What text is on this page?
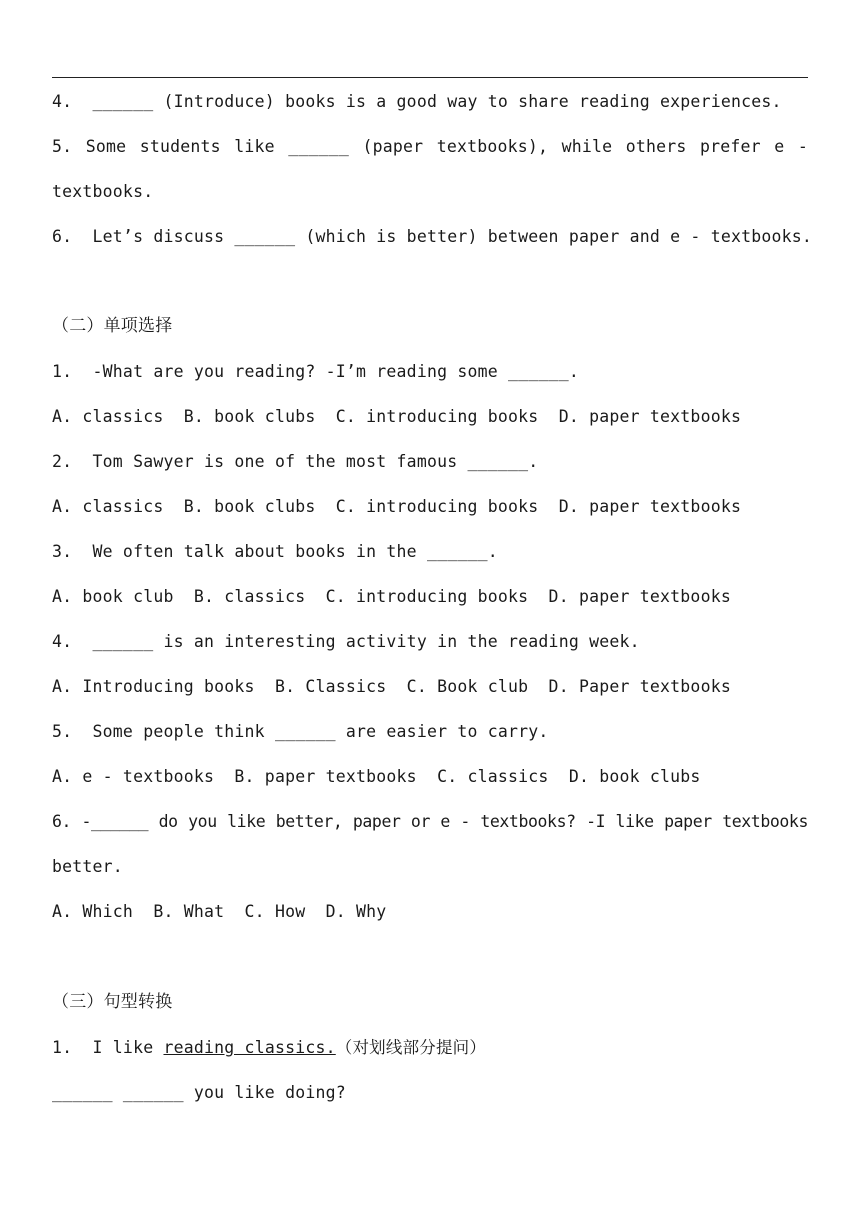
4.  ______ (Introduce) books is a good way to share reading experiences.
5. Some students like ______ (paper textbooks), while others prefer e -
textbooks.
6.  Let’s discuss ______ (which is better) between paper and e - textbooks.
（二）单项选择
1.  -What are you reading? -I’m reading some ______.
A. classics  B. book clubs  C. introducing books  D. paper textbooks
2.  Tom Sawyer is one of the most famous ______.
A. classics  B. book clubs  C. introducing books  D. paper textbooks
3.  We often talk about books in the ______.
A. book club  B. classics  C. introducing books  D. paper textbooks
4.  ______ is an interesting activity in the reading week.
A. Introducing books  B. Classics  C. Book club  D. Paper textbooks
5.  Some people think ______ are easier to carry.
A. e - textbooks  B. paper textbooks  C. classics  D. book clubs
6. -______ do you like better, paper or e - textbooks? -I like paper textbooks
better.
A. Which  B. What  C. How  D. Why
（三）句型转换
1.  I like reading classics.（对划线部分提问）
______ ______ you like doing?
